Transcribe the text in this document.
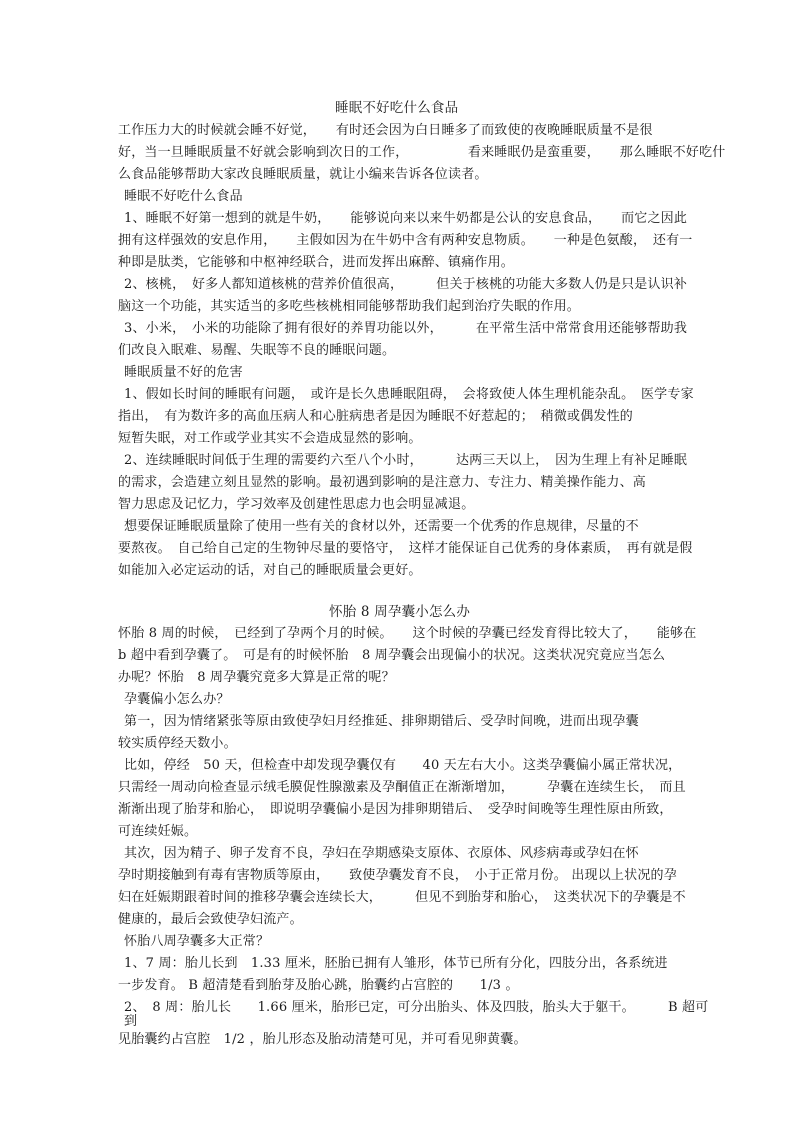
睡眠不好吃什么食品
工作压力大的时候就会睡不好觉，　　有时还会因为白日睡多了而致使的夜晚睡眠质量不是很
好，当一旦睡眠质量不好就会影响到次日的工作，　　　　　看来睡眠仍是蛮重要，　　那么睡眠不好吃什
么食品能够帮助大家改良睡眠质量，就让小编来告诉各位读者。
睡眠不好吃什么食品
1、睡眠不好第一想到的就是牛奶，　　能够说向来以来牛奶都是公认的安息食品，　　而它之因此
拥有这样强效的安息作用，　　主假如因为在牛奶中含有两种安息物质。　　一种是色氨酸，　还有一
种即是肽类，它能够和中枢神经联合，进而发挥出麻醉、镇痛作用。
2、核桃，　好多人都知道核桃的营养价值很高，　　　但关于核桃的功能大多数人仍是只是认识补
脑这一个功能，其实适当的多吃些核桃相同能够帮助我们起到治疗失眠的作用。
3、小米，　小米的功能除了拥有很好的养胃功能以外，　　　在平常生活中常常食用还能够帮助我
们改良入眠难、易醒、失眠等不良的睡眠问题。
睡眠质量不好的危害
1、假如长时间的睡眠有问题，　或许是长久患睡眠阻碍，　会将致使人体生理机能杂乱。　医学专家
指出，　有为数许多的高血压病人和心脏病患者是因为睡眠不好惹起的；　稍微或偶发性的
短暂失眠，对工作或学业其实不会造成显然的影响。
2、连续睡眠时间低于生理的需要约六至八个小时，　　　达两三天以上，　因为生理上有补足睡眠
的需求，会造建立刻且显然的影响。最初遇到影响的是注意力、专注力、精美操作能力、高
智力思虑及记忆力，学习效率及创建性思虑力也会明显减退。
想要保证睡眠质量除了使用一些有关的食材以外，还需要一个优秀的作息规律，尽量的不
要熬夜。　自己给自己定的生物钟尽量的要恪守，　这样才能保证自己优秀的身体素质，　再有就是假
如能加入必定运动的话，对自己的睡眠质量会更好。
怀胎 8 周孕囊小怎么办
怀胎 8 周的时候，　已经到了孕两个月的时候。　　这个时候的孕囊已经发育得比较大了，　　能够在
b 超中看到孕囊了。　可是有的时候怀胎　8 周孕囊会出现偏小的状况。这类状况究竟应当怎么
办呢？怀胎　8 周孕囊究竟多大算是正常的呢？
孕囊偏小怎么办？
第一，因为情绪紧张等原由致使孕妇月经推延、排卵期错后、受孕时间晚，进而出现孕囊
较实质停经天数小。
比如，停经　50 天，但检查中却发现孕囊仅有　　40 天左右大小。这类孕囊偏小属正常状况，
只需经一周动向检查显示绒毛膜促性腺激素及孕酮值正在渐渐增加，　　　孕囊在连续生长，　而且
渐渐出现了胎芽和胎心，　即说明孕囊偏小是因为排卵期错后、　受孕时间晚等生理性原由所致，
可连续妊娠。
其次，因为精子、卵子发育不良，孕妇在孕期感染支原体、衣原体、风疹病毒或孕妇在怀
孕时期接触到有毒有害物质等原由，　　致使孕囊发育不良，　小于正常月份。 出现以上状况的孕
妇在妊娠期跟着时间的推移孕囊会连续长大，　　　但见不到胎芽和胎心，　这类状况下的孕囊是不
健康的，最后会致使孕妇流产。
怀胎八周孕囊多大正常？
1、7 周：胎儿长到　1.33 厘米，胚胎已拥有人雏形，体节已所有分化，四肢分出，各系统进
一步发育。 B 超清楚看到胎芽及胎心跳，胎囊约占宫腔的　　1/3 。
2、　8 周：胎儿长　　1.66 厘米，胎形已定，可分出胎头、体及四肢，胎头大于躯干。　　　B 超可
到
见胎囊约占宫腔　1/2 ，胎儿形态及胎动清楚可见，并可看见卵黄囊。
